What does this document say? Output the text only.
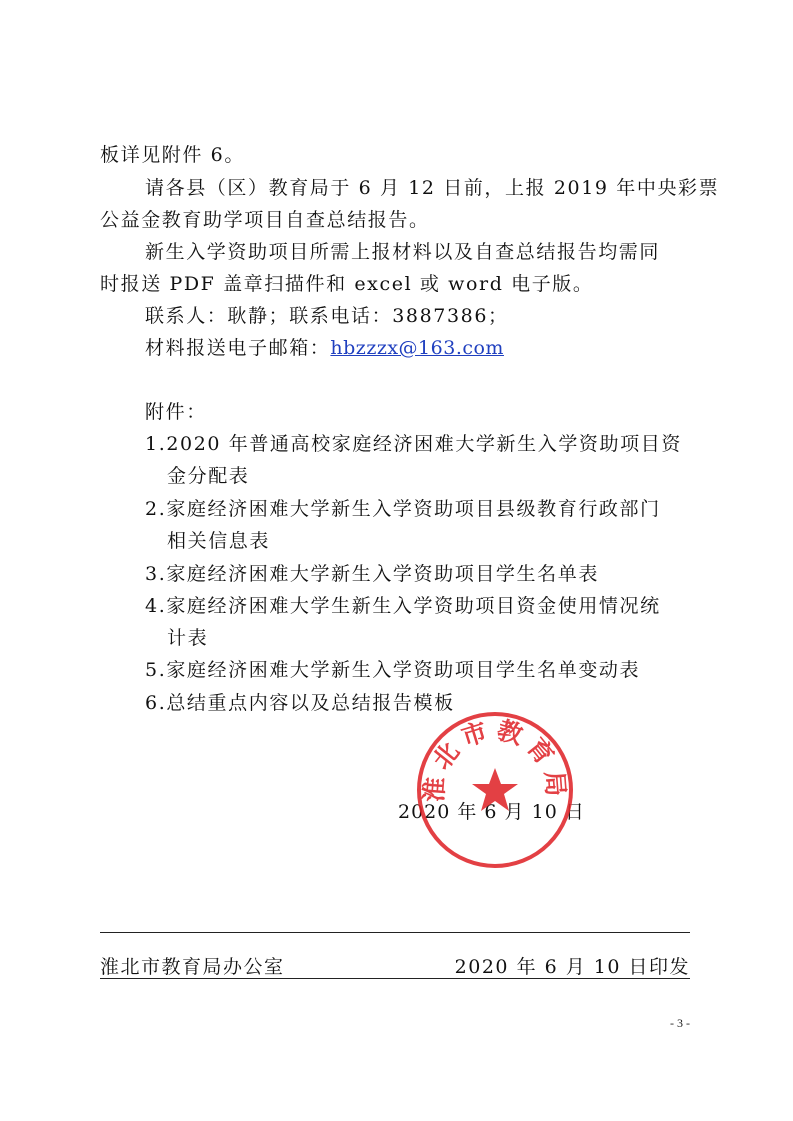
板详见附件 6。
请各县（区）教育局于 6 月 12 日前，上报 2019 年中央彩票
公益金教育助学项目自查总结报告。
新生入学资助项目所需上报材料以及自查总结报告均需同
时报送 PDF 盖章扫描件和 excel 或 word 电子版。
联系人：耿静；联系电话：3887386；
材料报送电子邮箱：hbzzzx@163.com
附件：
1.2020 年普通高校家庭经济困难大学新生入学资助项目资
金分配表
2.家庭经济困难大学新生入学资助项目县级教育行政部门
相关信息表
3.家庭经济困难大学新生入学资助项目学生名单表
4.家庭经济困难大学生新生入学资助项目资金使用情况统
计表
5.家庭经济困难大学新生入学资助项目学生名单变动表
6.总结重点内容以及总结报告模板
2020 年 6 月 10 日
淮北市教育局
淮北市教育局办公室	2020 年 6 月 10 日印发
- 3 -
